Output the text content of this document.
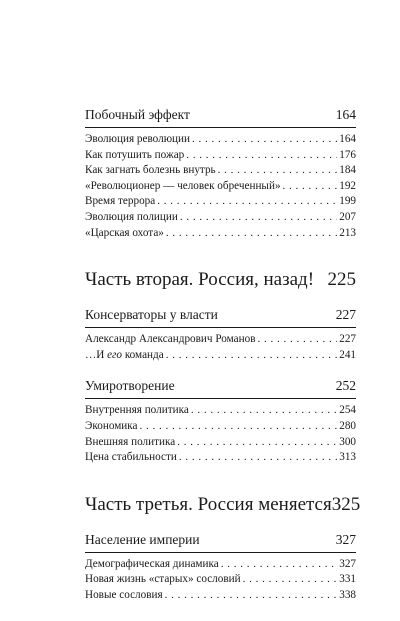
Побочный эффект	164
Эволюция революции . . .	164
Как потушить пожар . . .	176
Как загнать болезнь внутрь . . .	184
«Революционер — человек обреченный» . . .	192
Время террора . . .	199
Эволюция полиции . . .	207
«Царская охота» . . .	213
Часть вторая. Россия, назад! 225
Консерваторы у власти	227
Александр Александрович Романов . . .	227
…И его команда . . .	241
Умиротворение	252
Внутренняя политика . . .	254
Экономика . . .	280
Внешняя политика . . .	300
Цена стабильности . . .	313
Часть третья. Россия меняется 325
Население империи	327
Демографическая динамика . . .	327
Новая жизнь «старых» сословий . . .	331
Новые сословия . . .	338
